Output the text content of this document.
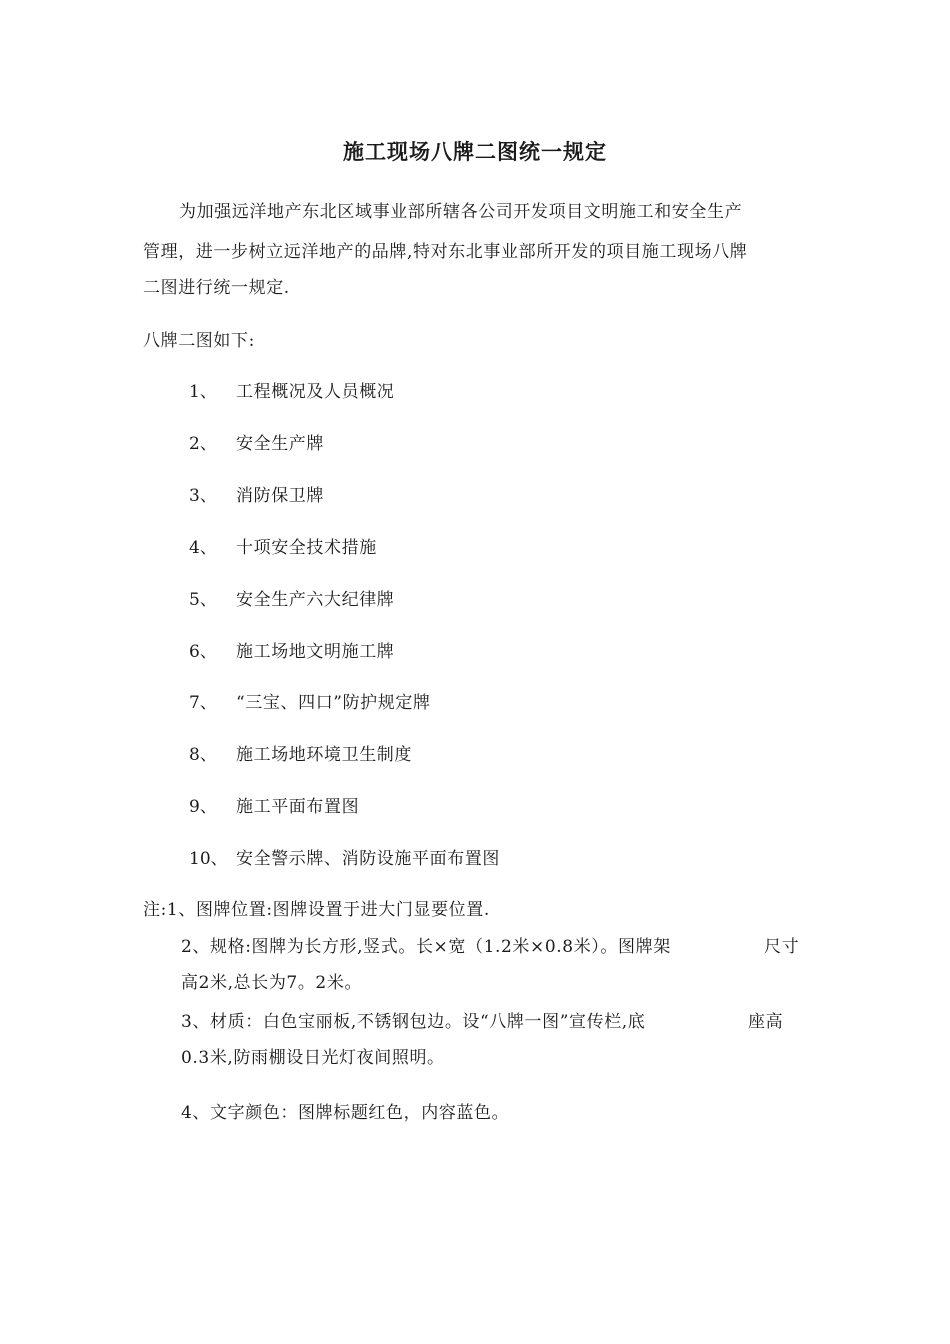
施工现场八牌二图统一规定
为加强远洋地产东北区域事业部所辖各公司开发项目文明施工和安全生产
管理，进一步树立远洋地产的品牌,特对东北事业部所开发的项目施工现场八牌
二图进行统一规定.
八牌二图如下:
1、 工程概况及人员概况
2、 安全生产牌
3、 消防保卫牌
4、 十项安全技术措施
5、 安全生产六大纪律牌
6、 施工场地文明施工牌
7、 “三宝、四口”防护规定牌
8、 施工场地环境卫生制度
9、 施工平面布置图
10、 安全警示牌、消防设施平面布置图
注:1、图牌位置:图牌设置于进大门显要位置.
2、规格:图牌为长方形,竖式。长×宽（1.2米×0.8米）。图牌架	尺寸
高2米,总长为7。2米。
3、材质：白色宝丽板,不锈钢包边。设“八牌一图”宣传栏,底	座高
0.3米,防雨棚设日光灯夜间照明。
4、文字颜色：图牌标题红色，内容蓝色。
